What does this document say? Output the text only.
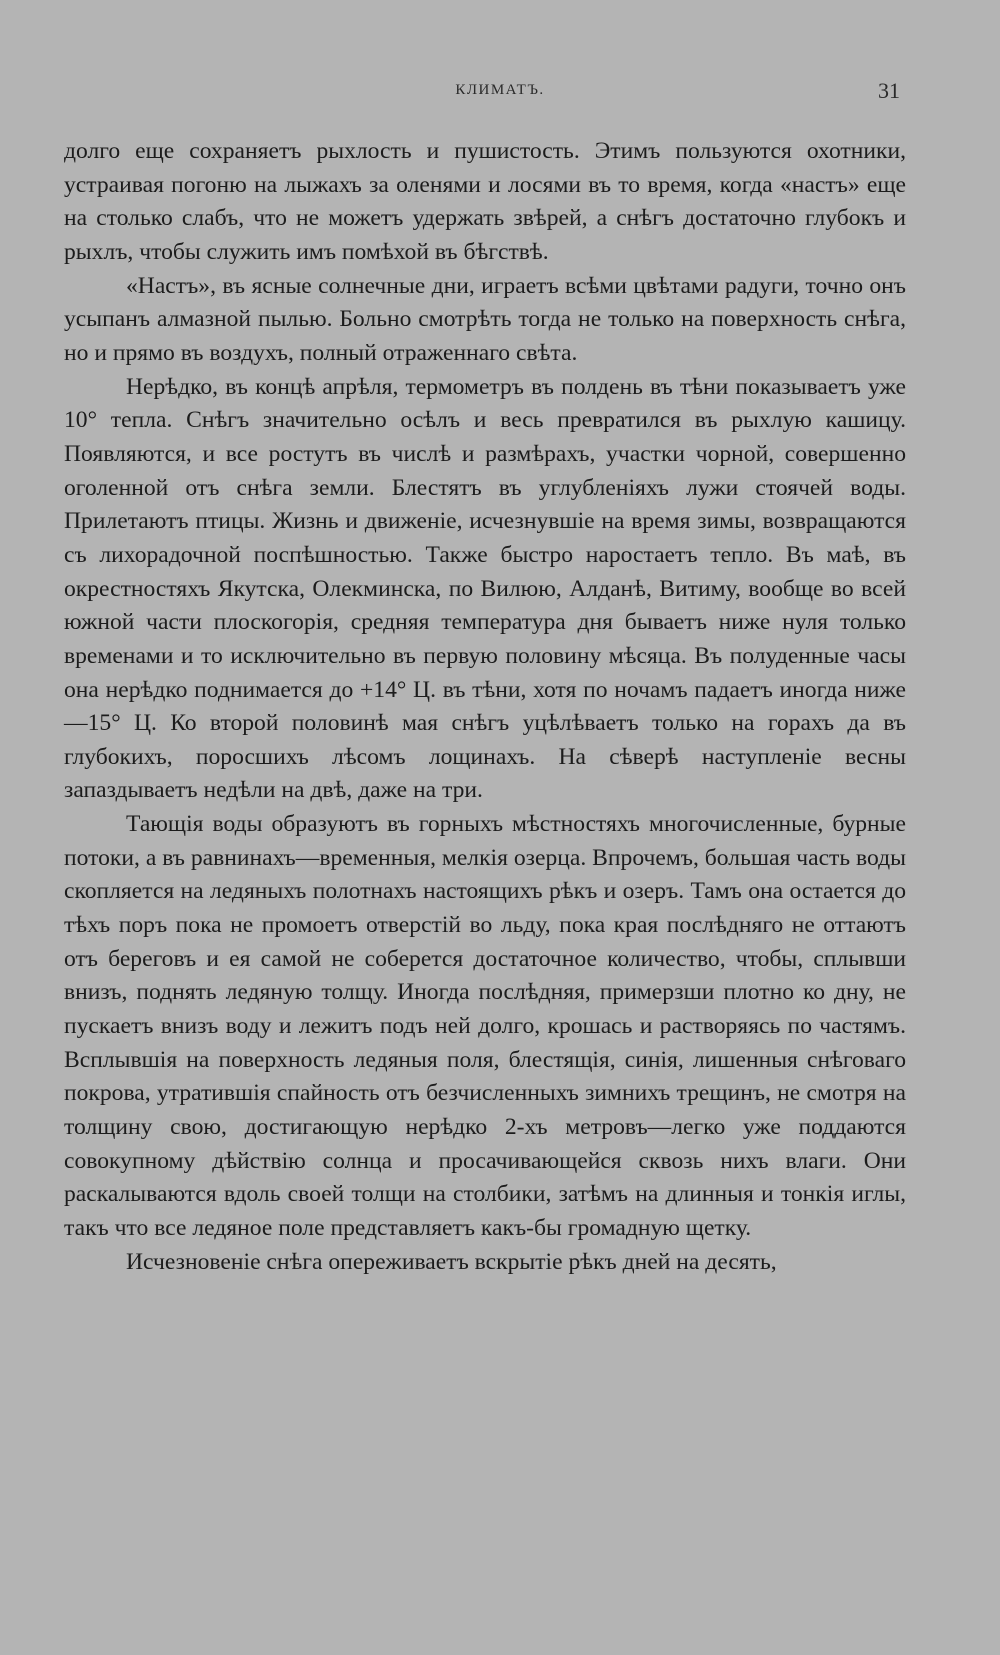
КЛИМАТЪ.	31

долго еще сохраняетъ рыхлость и пушистость. Этимъ пользуются охотники, устраивая погоню на лыжахъ за оленями и лосями въ то время, когда «настъ» еще на столько слабъ, что не можетъ удержать звѣрей, а снѣгъ достаточно глубокъ и рыхлъ, чтобы служить имъ помѣхой въ бѣгствѣ.

«Настъ», въ ясные солнечные дни, играетъ всѣми цвѣтами радуги, точно онъ усыпанъ алмазной пылью. Больно смотрѣть тогда не только на поверхность снѣга, но и прямо въ воздухъ, полный отраженнаго свѣта.

Нерѣдко, въ концѣ апрѣля, термометръ въ полдень въ тѣни показываетъ уже 10° тепла. Снѣгъ значительно осѣлъ и весь превратился въ рыхлую кашицу. Появляются, и все ростутъ въ числѣ и размѣрахъ, участки чорной, совершенно оголенной отъ снѣга земли. Блестятъ въ углубленіяхъ лужи стоячей воды. Прилетаютъ птицы. Жизнь и движеніе, исчезнувшіе на время зимы, возвращаются съ лихорадочной поспѣшностью. Также быстро наростаетъ тепло. Въ маѣ, въ окрестностяхъ Якутска, Олекминска, по Вилюю, Алданѣ, Витиму, вообще во всей южной части плоскогорія, средняя температура дня бываетъ ниже нуля только временами и то исключительно въ первую половину мѣсяца. Въ полуденные часы она нерѣдко поднимается до +14° Ц. въ тѣни, хотя по ночамъ падаетъ иногда ниже —15° Ц. Ко второй половинѣ мая снѣгъ уцѣлѣваетъ только на горахъ да въ глубокихъ, поросшихъ лѣсомъ лощинахъ. На сѣверѣ наступленіе весны запаздываетъ недѣли на двѣ, даже на три.

Тающія воды образуютъ въ горныхъ мѣстностяхъ многочисленные, бурные потоки, а въ равнинахъ—временныя, мелкія озерца. Впрочемъ, большая часть воды скопляется на ледяныхъ полотнахъ настоящихъ рѣкъ и озеръ. Тамъ она остается до тѣхъ поръ пока не промоетъ отверстій во льду, пока края послѣдняго не оттаютъ отъ береговъ и ея самой не соберется достаточное количество, чтобы, сплывши внизъ, поднять ледяную толщу. Иногда послѣдняя, примерзши плотно ко дну, не пускаетъ внизъ воду и лежитъ подъ ней долго, крошась и растворяясь по частямъ. Всплывшія на поверхность ледяныя поля, блестящія, синія, лишенныя снѣговаго покрова, утратившія спайность отъ безчисленныхъ зимнихъ трещинъ, не смотря на толщину свою, достигающую нерѣдко 2-хъ метровъ—легко уже поддаются совокупному дѣйствію солнца и просачивающейся сквозь нихъ влаги. Они раскалываются вдоль своей толщи на столбики, затѣмъ на длинныя и тонкія иглы, такъ что все ледяное поле представляетъ какъ-бы громадную щетку.

Исчезновеніе снѣга опереживаетъ вскрытіе рѣкъ дней на десять,
